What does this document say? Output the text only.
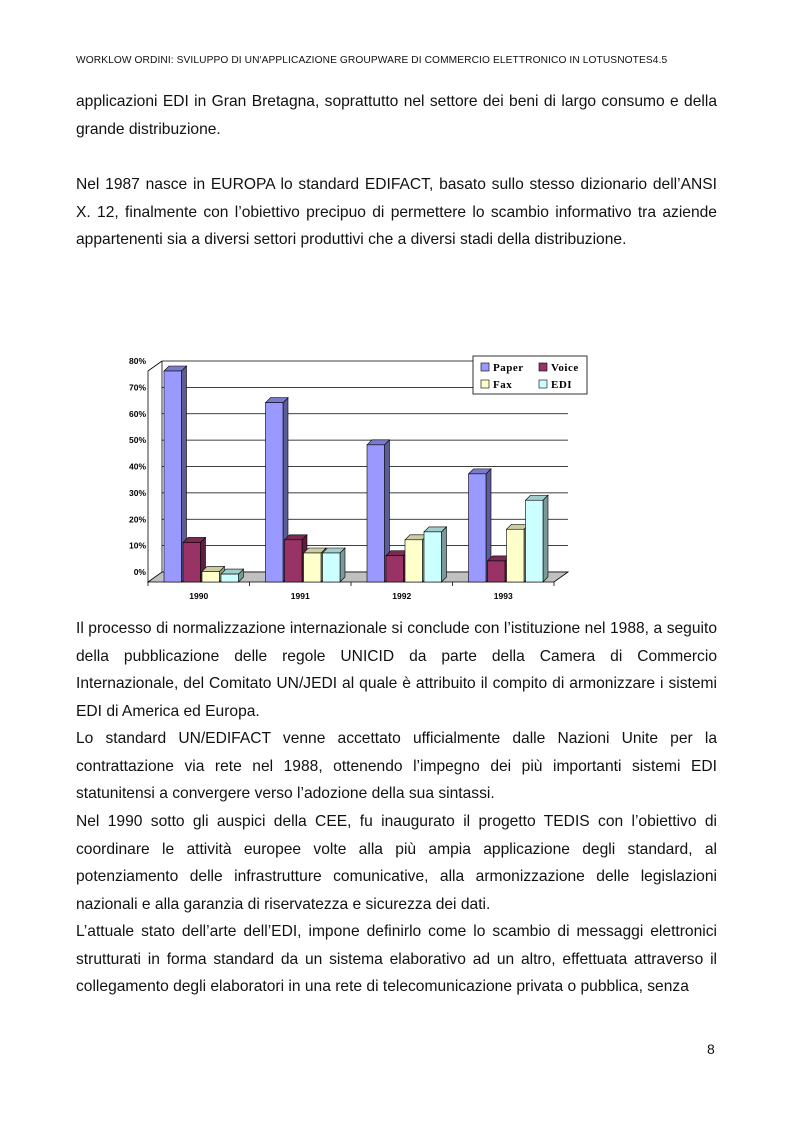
WORKLOW ORDINI: SVILUPPO DI UN'APPLICAZIONE GROUPWARE DI COMMERCIO ELETTRONICO IN LOTUSNOTES4.5

applicazioni EDI in Gran Bretagna, soprattutto nel settore dei beni di largo consumo e della grande distribuzione.

Nel 1987 nasce in EUROPA lo standard EDIFACT, basato sullo stesso dizionario dell’ANSI X. 12, finalmente con l’obiettivo precipuo di permettere lo scambio informativo tra aziende appartenenti sia a diversi settori produttivi che a diversi stadi della distribuzione.

0%
10%
20%
30%
40%
50%
60%
70%
80%
1990	1991	1992	1993
Paper Voice
Fax	EDI

Il processo di normalizzazione internazionale si conclude con l’istituzione nel 1988, a seguito della pubblicazione delle regole UNICID da parte della Camera di Commercio Internazionale, del Comitato UN/JEDI al quale è attribuito il compito di armonizzare i sistemi EDI di America ed Europa.

Lo standard UN/EDIFACT venne accettato ufficialmente dalle Nazioni Unite per la contrattazione via rete nel 1988, ottenendo l’impegno dei più importanti sistemi EDI statunitensi a convergere verso l’adozione della sua sintassi.

Nel 1990 sotto gli auspici della CEE, fu inaugurato il progetto TEDIS con l’obiettivo di coordinare le attività europee volte alla più ampia applicazione degli standard, al potenziamento delle infrastrutture comunicative, alla armonizzazione delle legislazioni nazionali e alla garanzia di riservatezza e sicurezza dei dati.

L’attuale stato dell’arte dell’EDI, impone definirlo come lo scambio di messaggi elettronici strutturati in forma standard da un sistema elaborativo ad un altro, effettuata attraverso il collegamento degli elaboratori in una rete di telecomunicazione privata o pubblica, senza

8
